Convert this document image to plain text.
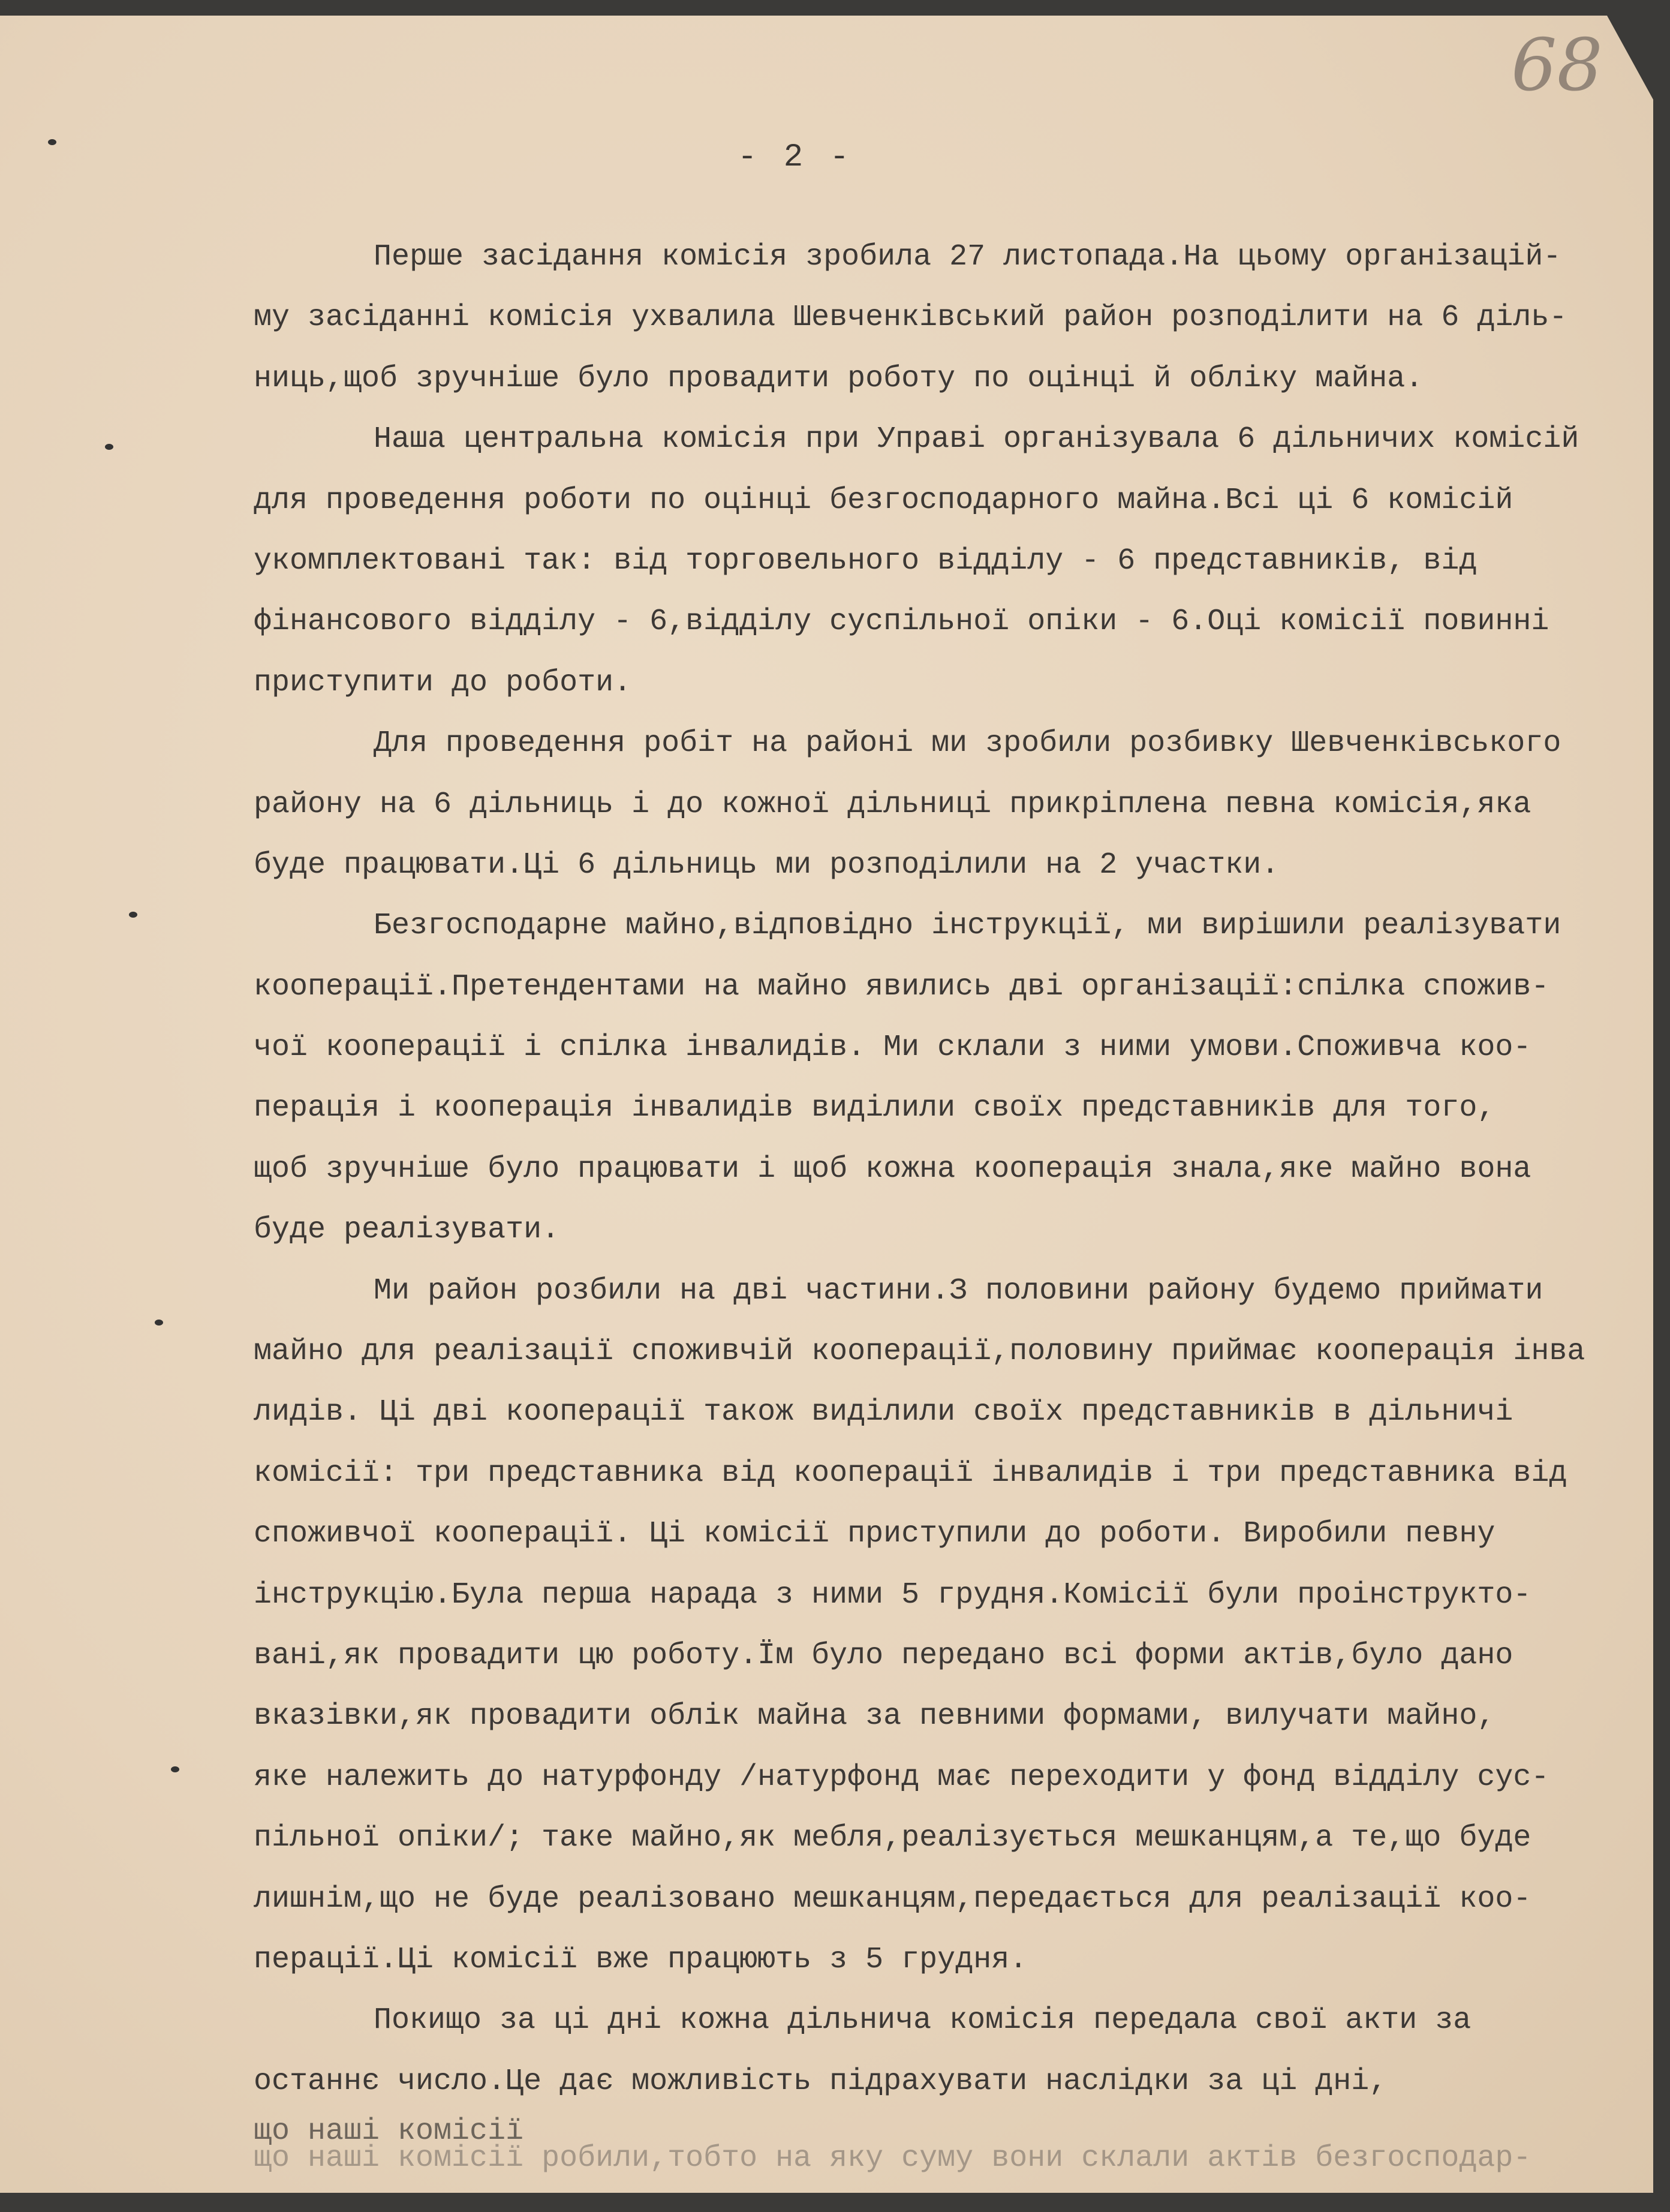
68
- 2 -
Перше засідання комісія зробила 27 листопада.На цьому організацій-
му засіданні комісія ухвалила Шевченківський район розподілити на 6 діль-
ниць,щоб зручніше було провадити роботу по оцінці й обліку майна.
Наша центральна комісія при Управі організувала 6 дільничих комісій
для проведення роботи по оцінці безгосподарного майна.Всі ці 6 комісій
укомплектовані так: від торговельного відділу - 6 представників, від
фінансового відділу - 6,відділу суспільної опіки - 6.Оці комісії повинні
приступити до роботи.
Для проведення робіт на районі ми зробили розбивку Шевченківського
району на 6 дільниць і до кожної дільниці прикріплена певна комісія,яка
буде працювати.Ці 6 дільниць ми розподілили на 2 участки.
Безгосподарне майно,відповідно інструкції, ми вирішили реалізувати
кооперації.Претендентами на майно явились дві організації:спілка спожив-
чої кооперації і спілка інвалидів. Ми склали з ними умови.Споживча коо-
перація і кооперація інвалидів виділили своїх представників для того,
щоб зручніше було працювати і щоб кожна кооперація знала,яке майно вона
буде реалізувати.
Ми район розбили на дві частини.З половини району будемо приймати
майно для реалізації споживчій кооперації,половину приймає кооперація інва
лидів. Ці дві кооперації також виділили своїх представників в дільничі
комісії: три представника від кооперації інвалидів і три представника від
споживчої кооперації. Ці комісії приступили до роботи. Виробили певну
інструкцію.Була перша нарада з ними 5 грудня.Комісії були проінструкто-
вані,як провадити цю роботу.Їм було передано всі форми актів,було дано
вказівки,як провадити облік майна за певними формами, вилучати майно,
яке належить до натурфонду /натурфонд має переходити у фонд відділу сус-
пільної опіки/; таке майно,як мебля,реалізується мешканцям,а те,що буде
лишнім,що не буде реалізовано мешканцям,передається для реалізації коо-
перації.Ці комісії вже працюють з 5 грудня.
Покищо за ці дні кожна дільнича комісія передала свої акти за
останнє число.Це дає можливість підрахувати наслідки за ці дні,
що наші комісії робили,тобто на яку суму вони склали актів безгосподар-
